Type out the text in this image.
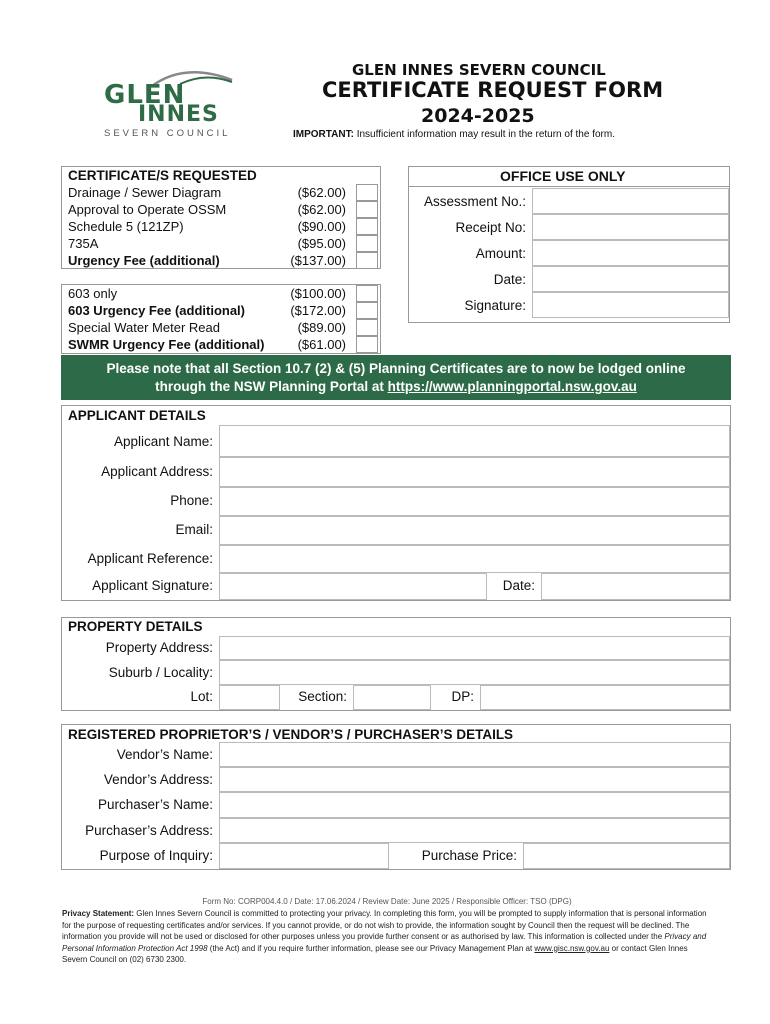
GLEN
INNES
SEVERN COUNCIL
GLEN INNES SEVERN COUNCIL
CERTIFICATE REQUEST FORM
2024-2025
IMPORTANT: Insufficient information may result in the return of the form.
CERTIFICATE/S REQUESTED
Drainage / Sewer Diagram	($62.00)
Approval to Operate OSSM	($62.00)
Schedule 5 (121ZP)	($90.00)
735A	($95.00)
Urgency Fee (additional)	($137.00)
603 only	($100.00)
603 Urgency Fee (additional)	($172.00)
Special Water Meter Read	($89.00)
SWMR Urgency Fee (additional)	($61.00)
OFFICE USE ONLY
Assessment No.:
Receipt No:
Amount:
Date:
Signature:
Please note that all Section 10.7 (2) & (5) Planning Certificates are to now be lodged online
through the NSW Planning Portal at https://www.planningportal.nsw.gov.au
APPLICANT DETAILS
Applicant Name:
Applicant Address:
Phone:
Email:
Applicant Reference:
Applicant Signature:	Date:
PROPERTY DETAILS
Property Address:
Suburb / Locality:
Lot:	Section:	DP:
REGISTERED PROPRIETOR’S / VENDOR’S / PURCHASER’S DETAILS
Vendor’s Name:
Vendor’s Address:
Purchaser’s Name:
Purchaser’s Address:
Purpose of Inquiry:	Purchase Price:
Form No: CORP004.4.0 / Date: 17.06.2024 / Review Date: June 2025 / Responsible Officer: TSO (DPG)
Privacy Statement: Glen Innes Severn Council is committed to protecting your privacy. In completing this form, you will be prompted to supply information that is personal information for the purpose of requesting certificates and/or services. If you cannot provide, or do not wish to provide, the information sought by Council then the request will be declined. The information you provide will not be used or disclosed for other purposes unless you provide further consent or as authorised by law. This information is collected under the Privacy and Personal Information Protection Act 1998 (the Act) and if you require further information, please see our Privacy Management Plan at www.gisc.nsw.gov.au or contact Glen Innes Severn Council on (02) 6730 2300.
